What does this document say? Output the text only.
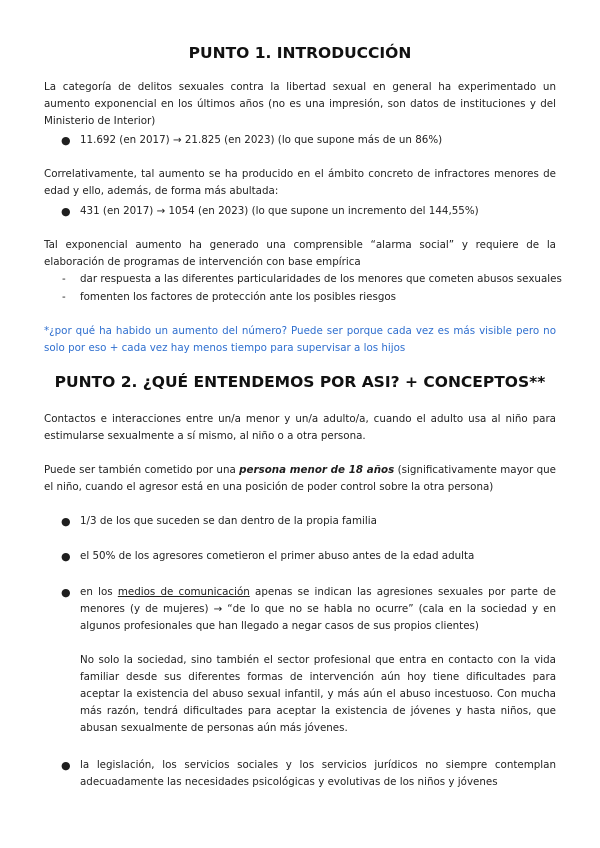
PUNTO 1. INTRODUCCIÓN
La categoría de delitos sexuales contra la libertad sexual en general ha experimentado un aumento exponencial en los últimos años (no es una impresión, son datos de instituciones y del Ministerio de Interior)
● 11.692 (en 2017) → 21.825 (en 2023) (lo que supone más de un 86%)
Correlativamente, tal aumento se ha producido en el ámbito concreto de infractores menores de edad y ello, además, de forma más abultada:
● 431 (en 2017) → 1054 (en 2023) (lo que supone un incremento del 144,55%)
Tal exponencial aumento ha generado una comprensible “alarma social” y requiere de la elaboración de programas de intervención con base empírica
- dar respuesta a las diferentes particularidades de los menores que cometen abusos sexuales
- fomenten los factores de protección ante los posibles riesgos
*¿por qué ha habido un aumento del número? Puede ser porque cada vez es más visible pero no solo por eso + cada vez hay menos tiempo para supervisar a los hijos
PUNTO 2. ¿QUÉ ENTENDEMOS POR ASI? + CONCEPTOS**
Contactos e interacciones entre un/a menor y un/a adulto/a, cuando el adulto usa al niño para estimularse sexualmente a sí mismo, al niño o a otra persona.
Puede ser también cometido por una persona menor de 18 años (significativamente mayor que el niño, cuando el agresor está en una posición de poder control sobre la otra persona)
● 1/3 de los que suceden se dan dentro de la propia familia
● el 50% de los agresores cometieron el primer abuso antes de la edad adulta
● en los medios de comunicación apenas se indican las agresiones sexuales por parte de menores (y de mujeres) → “de lo que no se habla no ocurre” (cala en la sociedad y en algunos profesionales que han llegado a negar casos de sus propios clientes)
No solo la sociedad, sino también el sector profesional que entra en contacto con la vida familiar desde sus diferentes formas de intervención aún hoy tiene dificultades para aceptar la existencia del abuso sexual infantil, y más aún el abuso incestuoso. Con mucha más razón, tendrá dificultades para aceptar la existencia de jóvenes y hasta niños, que abusan sexualmente de personas aún más jóvenes.
● la legislación, los servicios sociales y los servicios jurídicos no siempre contemplan adecuadamente las necesidades psicológicas y evolutivas de los niños y jóvenes
